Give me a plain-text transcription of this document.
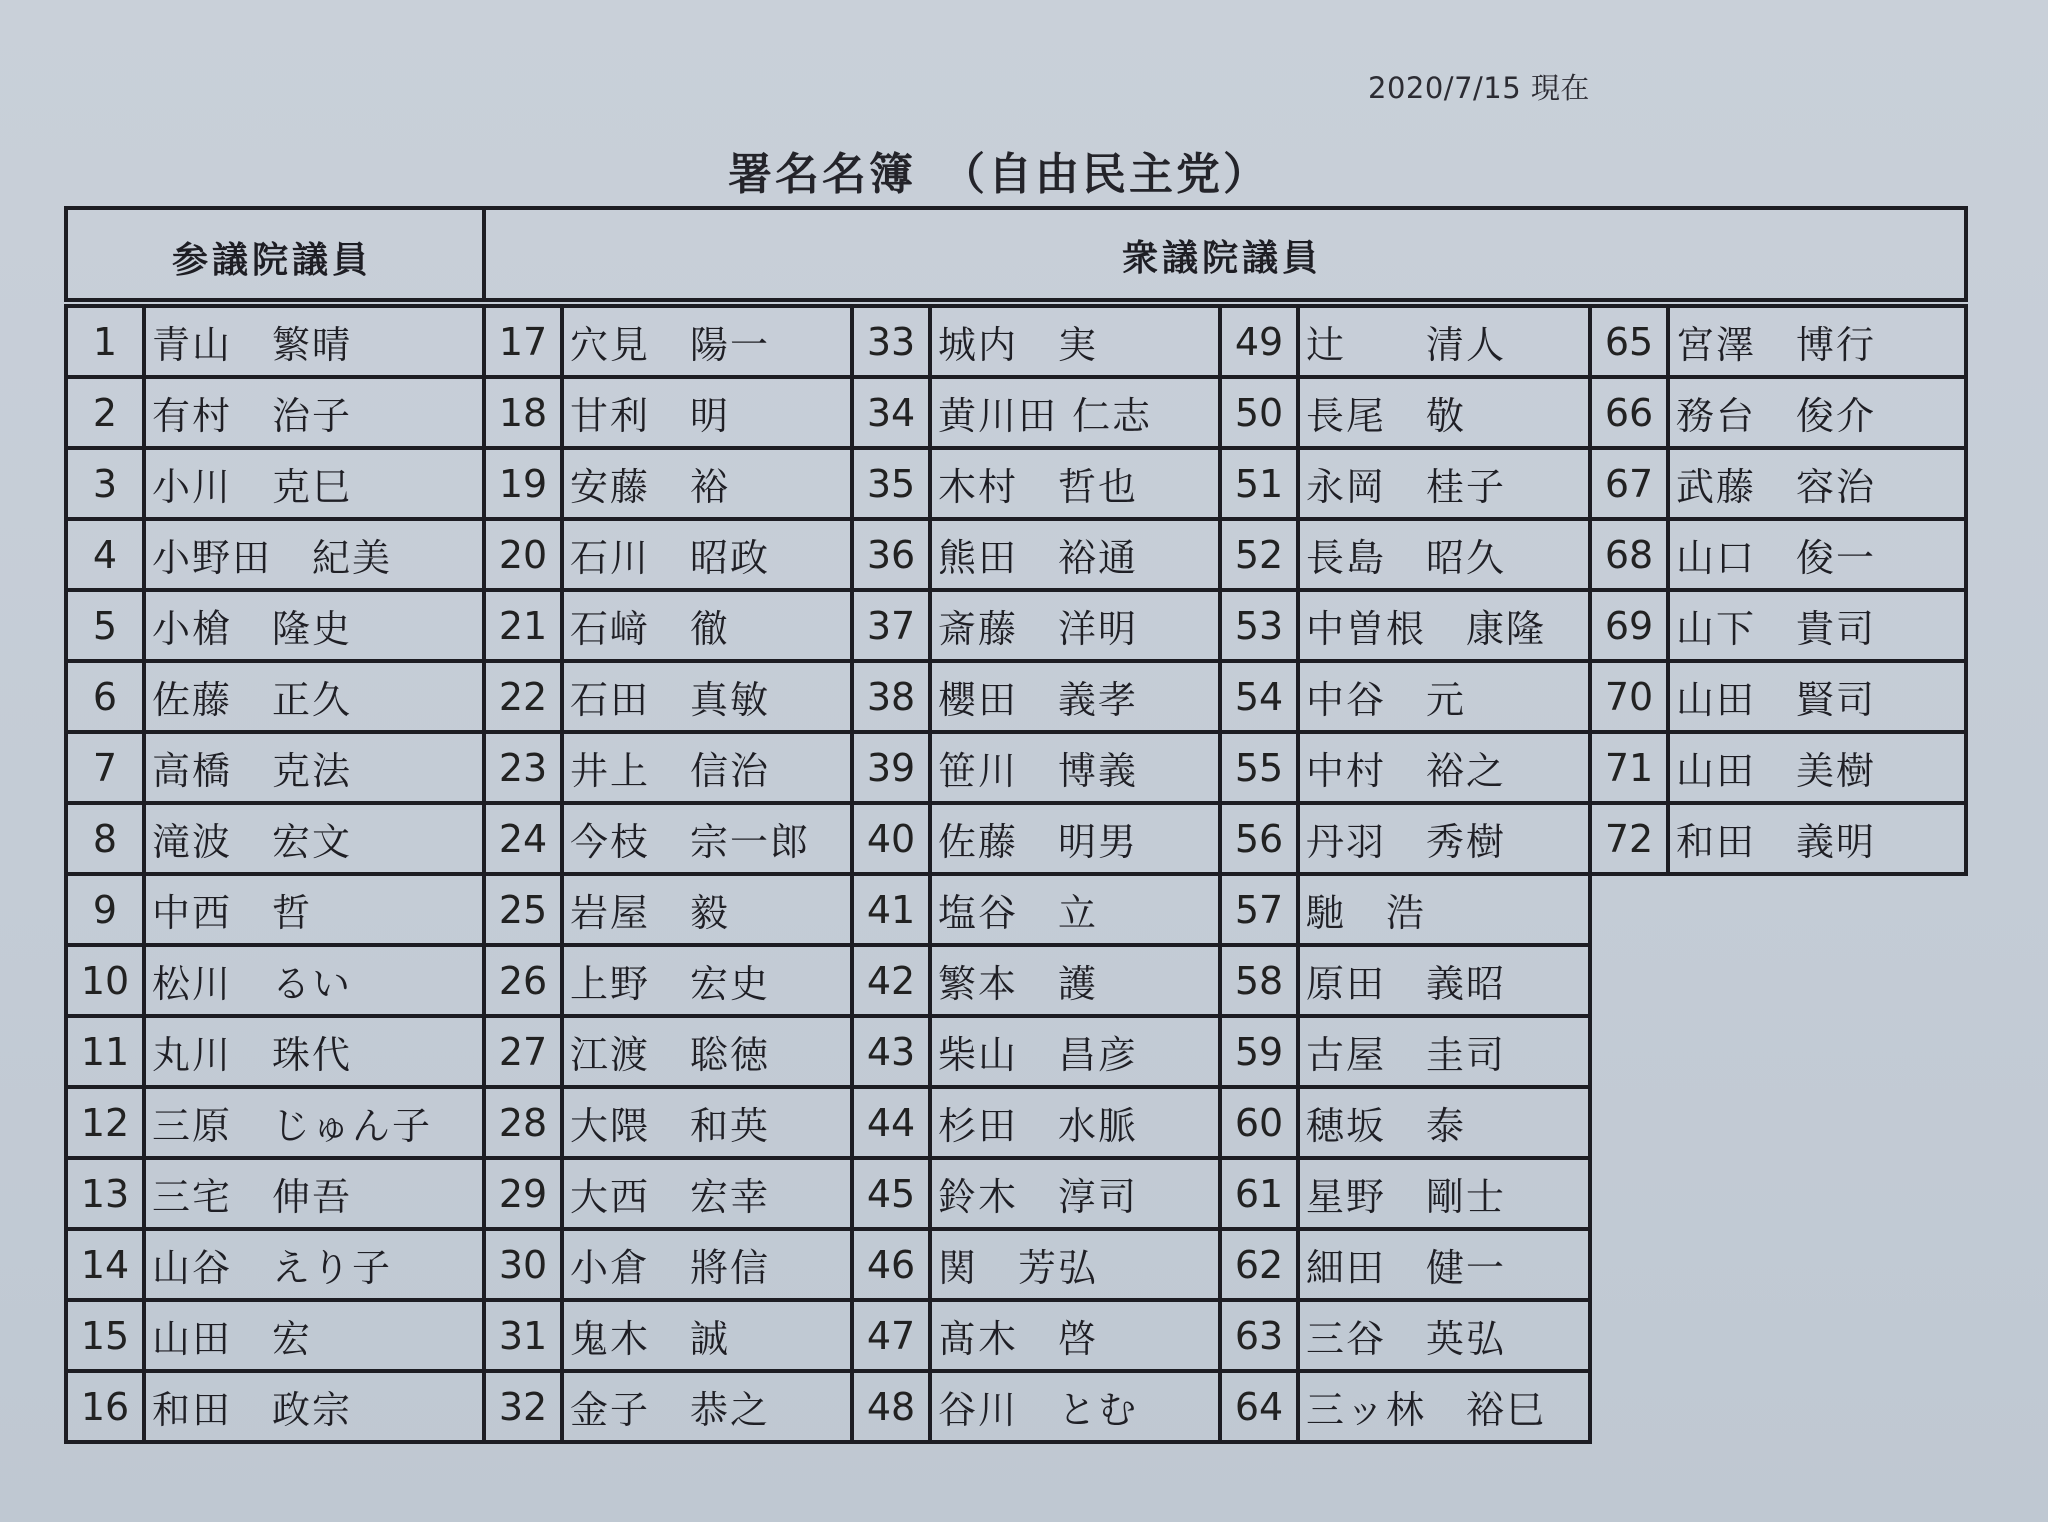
2020/7/15 現在
署名名簿　（自由民主党）
参議院議員	衆議院議員
1 青山　繁晴
2 有村　治子
3 小川　克巳
4 小野田　紀美
5 小槍　隆史
6 佐藤　正久
7 高橋　克法
8 滝波　宏文
9 中西　哲
10 松川　るい
11 丸川　珠代
12 三原　じゅん子
13 三宅　伸吾
14 山谷　えり子
15 山田　宏
16 和田　政宗
17 穴見　陽一
18 甘利　明
19 安藤　裕
20 石川　昭政
21 石﨑　徹
22 石田　真敏
23 井上　信治
24 今枝　宗一郎
25 岩屋　毅
26 上野　宏史
27 江渡　聡徳
28 大隈　和英
29 大西　宏幸
30 小倉　將信
31 鬼木　誠
32 金子　恭之
33 城内　実
34 黄川田 仁志
35 木村　哲也
36 熊田　裕通
37 斎藤　洋明
38 櫻田　義孝
39 笹川　博義
40 佐藤　明男
41 塩谷　立
42 繁本　護
43 柴山　昌彦
44 杉田　水脈
45 鈴木　淳司
46 関　芳弘
47 髙木　啓
48 谷川　とむ
49 辻　　清人
50 長尾　敬
51 永岡　桂子
52 長島　昭久
53 中曽根　康隆
54 中谷　元
55 中村　裕之
56 丹羽　秀樹
57 馳　浩
58 原田　義昭
59 古屋　圭司
60 穂坂　泰
61 星野　剛士
62 細田　健一
63 三谷　英弘
64 三ッ林　裕巳
65 宮澤　博行
66 務台　俊介
67 武藤　容治
68 山口　俊一
69 山下　貴司
70 山田　賢司
71 山田　美樹
72 和田　義明
